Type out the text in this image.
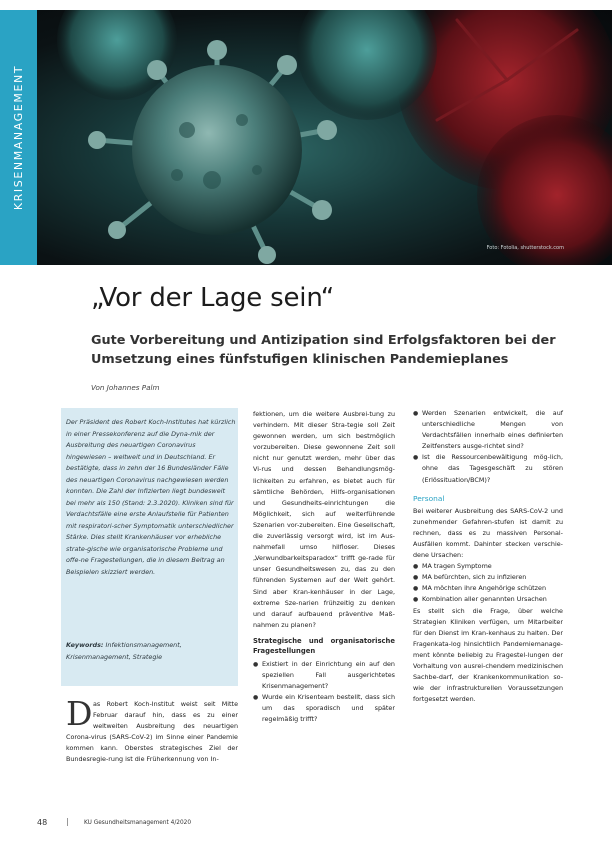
KRISENMANAGEMENT
Foto: Fotolia, shutterstock.com
„Vor der Lage sein“
Gute Vorbereitung und Antizipation sind Erfolgsfaktoren bei der Umsetzung eines fünfstufigen klinischen Pandemieplanes

Von Johannes Palm

Der Präsident des Robert Koch-Institutes hat kürzlich in einer Pressekonferenz auf die Dyna-mik der Ausbreitung des neuartigen Coronavirus hingewiesen – weltweit und in Deutschland. Er bestätigte, dass in zehn der 16 Bundesländer Fälle des neuartigen Coronavirus nachgewiesen werden konnten. Die Zahl der Infizierten liegt bundesweit bei mehr als 150 (Stand: 2.3.2020). Kliniken sind für Verdachtsfälle eine erste Anlaufstelle für Patienten mit respiratori-scher Symptomatik unterschiedlicher Stärke. Dies stellt Krankenhäuser vor erhebliche strate-gische wie organisatorische Probleme und offe-ne Fragestellungen, die in diesem Beitrag an Beispielen skizziert werden.

Keywords: Infektionsmanagement, Krisenmanagement, Strategie

D as Robert Koch-Institut weist seit Mitte Februar darauf hin, dass es zu einer weltweiten Ausbreitung des neuartigen Corona-virus (SARS-CoV-2) im Sinne einer Pandemie kommen kann. Oberstes strategisches Ziel der Bundesregie-rung ist die Früherkennung von In-

fektionen, um die weitere Ausbrei-tung zu verhindern. Mit dieser Stra-tegie soll Zeit gewonnen werden, um sich bestmöglich vorzubereiten. Diese gewonnene Zeit soll nicht nur genutzt werden, mehr über das Vi-rus und dessen Behandlungsmög-lichkeiten zu erfahren, es bietet auch für sämtliche Behörden, Hilfs-organisationen und Gesundheits-einrichtungen die Möglichkeit, sich auf weiterführende Szenarien vor-zubereiten. Eine Gesellschaft, die zuverlässig versorgt wird, ist im Aus-nahmefall umso hilfloser. Dieses „Verwundbarkeitsparadox“ trifft ge-rade für unser Gesundheitswesen zu, das zu den führenden Systemen auf der Welt gehört. Sind aber Kran-kenhäuser in der Lage, extreme Sze-narien frühzeitig zu denken und darauf aufbauend präventive Maß-nahmen zu planen?

Strategische und organisatorische Fragestellungen

● Existiert in der Einrichtung ein auf den speziellen Fall ausgerichtetes Krisenmanagement?
● Wurde ein Krisenteam bestellt, dass sich um das sporadisch und später regelmäßig trifft?
● Werden Szenarien entwickelt, die auf unterschiedliche Mengen von Verdachtsfällen innerhalb eines definierten Zeitfensters ausge-richtet sind?
● Ist die Ressourcenbewältigung mög-lich, ohne das Tagesgeschäft zu stören (Erlössituation/BCM)?

Personal

Bei weiterer Ausbreitung des SARS-CoV-2 und zunehmender Gefahren-stufen ist damit zu rechnen, dass es zu massiven Personal-Ausfällen kommt. Dahinter stecken verschie-dene Ursachen:

● MA tragen Symptome
● MA befürchten, sich zu infizieren
● MA möchten ihre Angehörige schützen
● Kombination aller genannten Ursachen

Es stellt sich die Frage, über welche Strategien Kliniken verfügen, um Mitarbeiter für den Dienst im Kran-kenhaus zu halten. Der Fragenkata-log hinsichtlich Pandemiemanage-ment könnte beliebig zu Fragestel-lungen der Vorhaltung von ausrei-chendem medizinischen Sachbe-darf, der Krankenkommunikation so-wie der infrastrukturellen Voraussetzungen fortgesetzt werden.

48 |	KU Gesundheitsmanagement 4/2020
